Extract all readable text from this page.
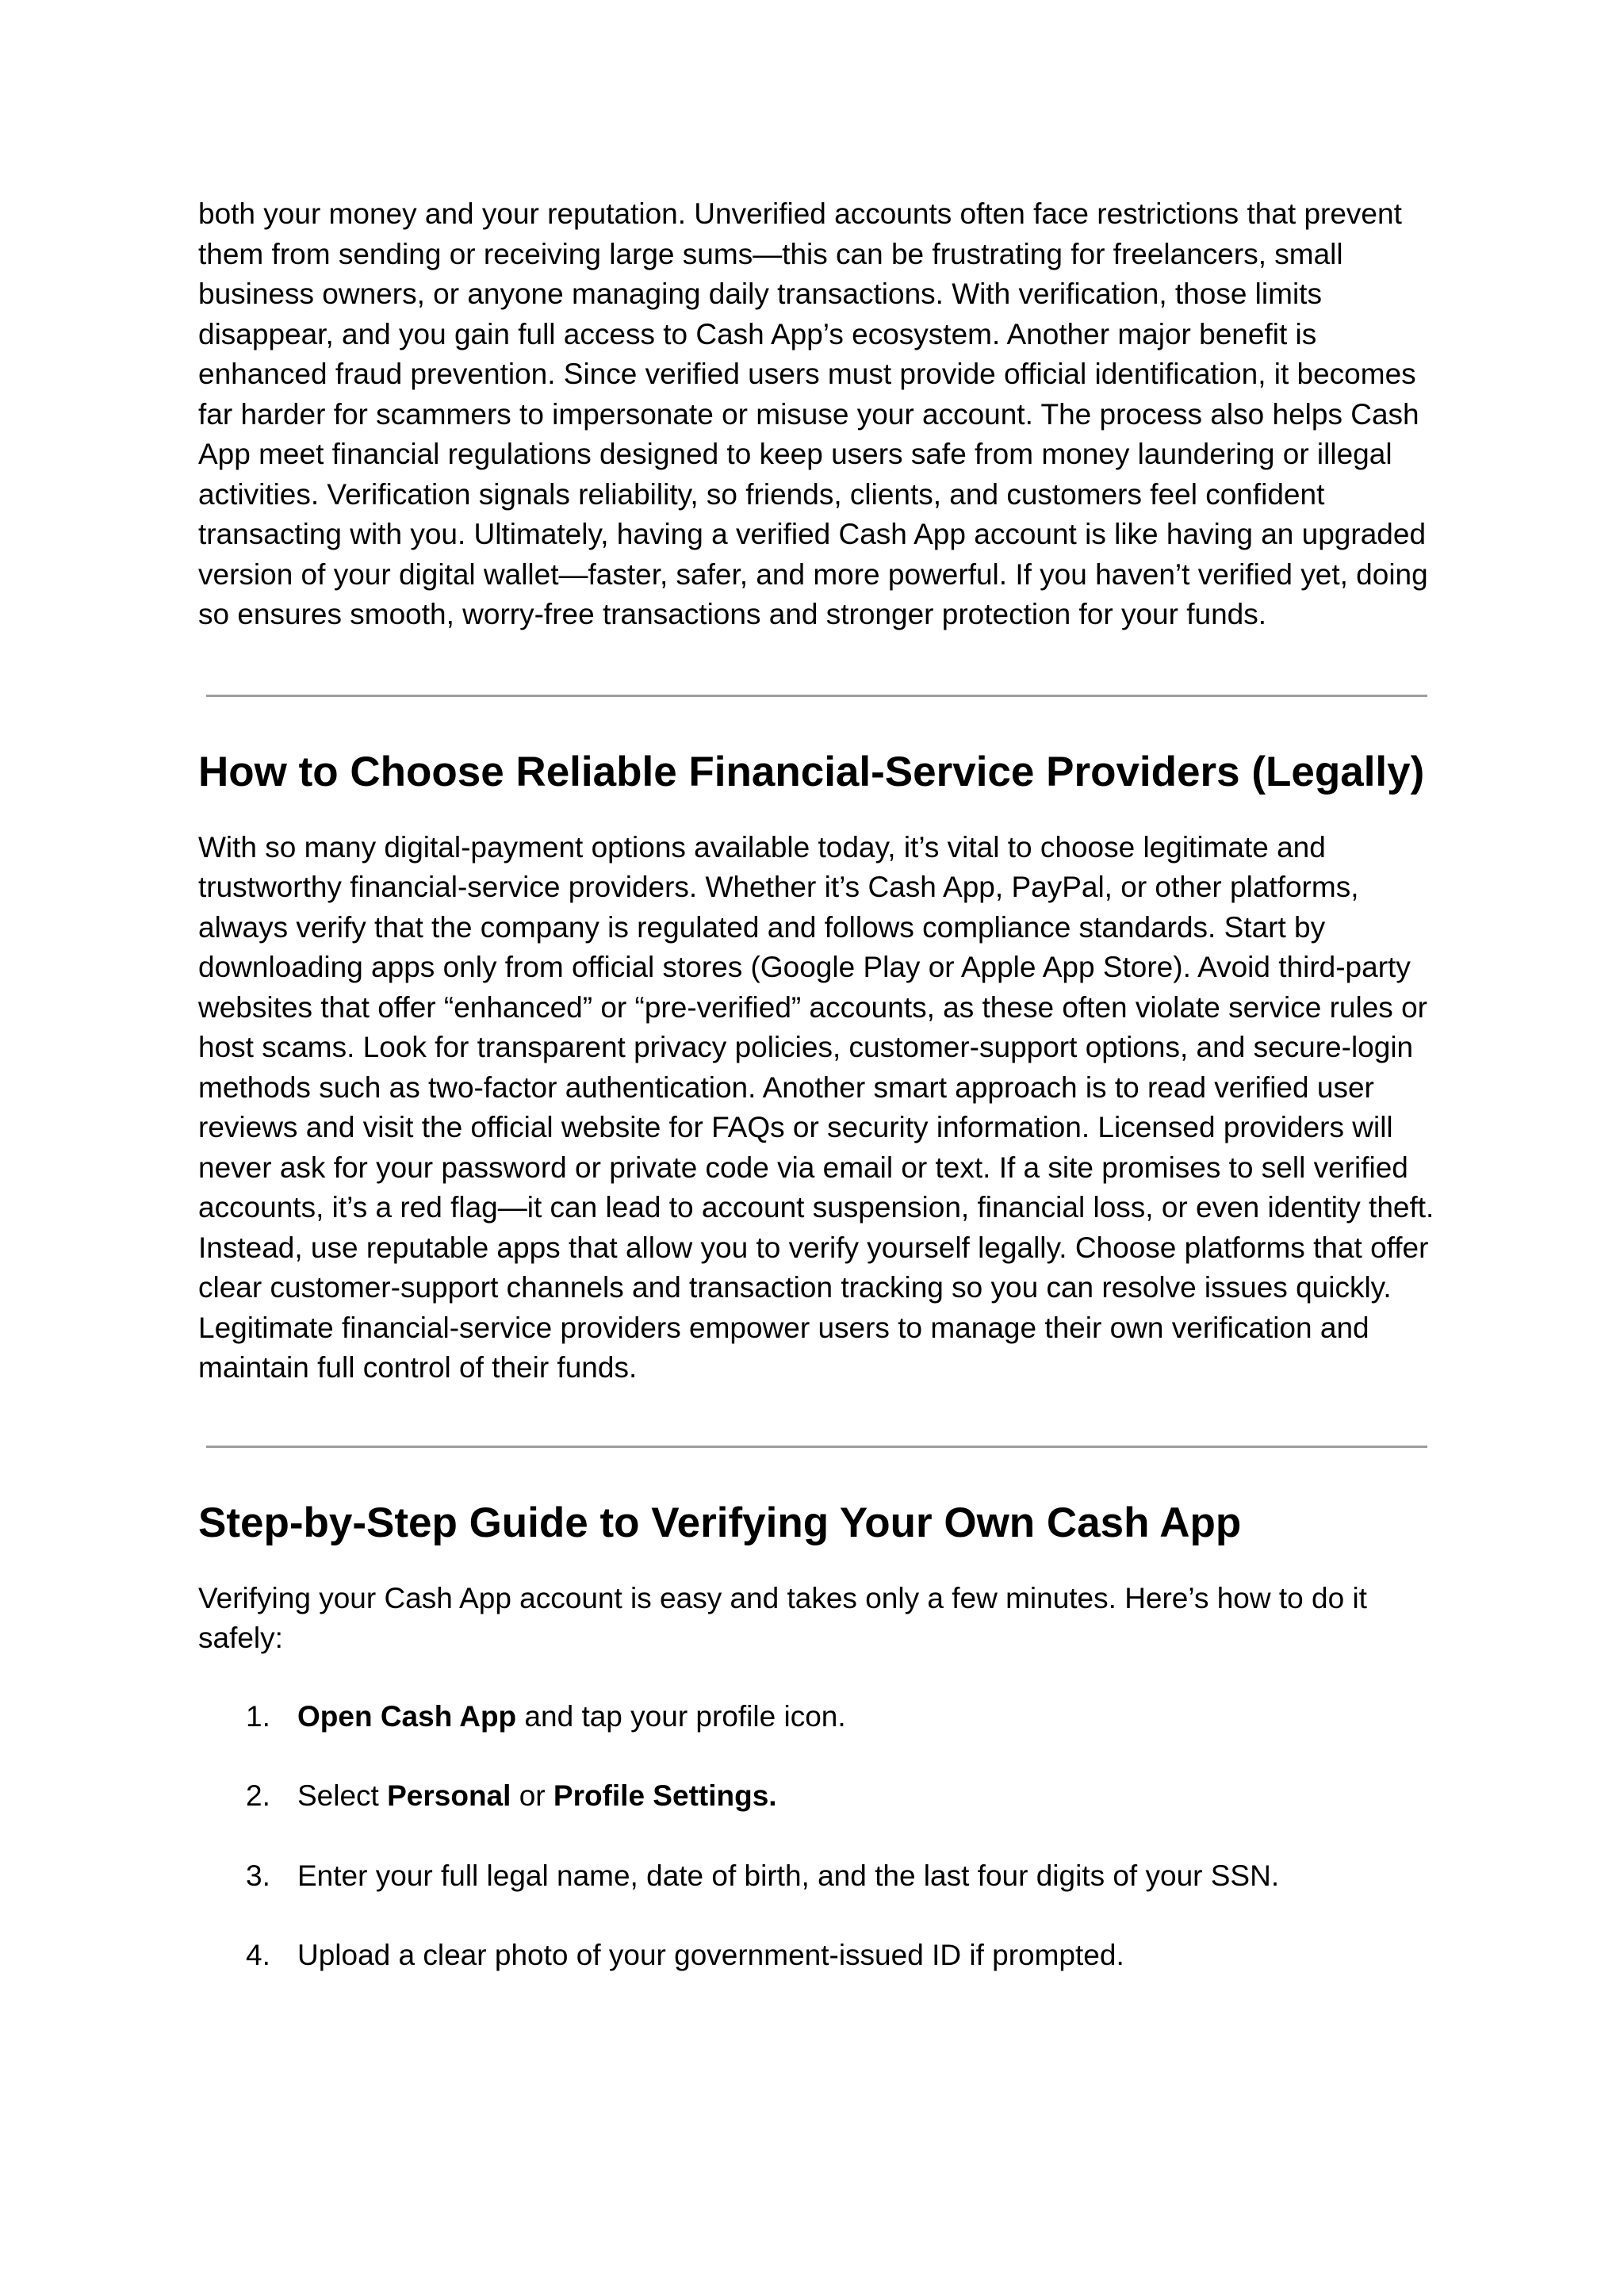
both your money and your reputation. Unverified accounts often face restrictions that prevent them from sending or receiving large sums—this can be frustrating for freelancers, small business owners, or anyone managing daily transactions. With verification, those limits disappear, and you gain full access to Cash App’s ecosystem. Another major benefit is enhanced fraud prevention. Since verified users must provide official identification, it becomes far harder for scammers to impersonate or misuse your account. The process also helps Cash App meet financial regulations designed to keep users safe from money laundering or illegal activities. Verification signals reliability, so friends, clients, and customers feel confident transacting with you. Ultimately, having a verified Cash App account is like having an upgraded version of your digital wallet—faster, safer, and more powerful. If you haven’t verified yet, doing so ensures smooth, worry-free transactions and stronger protection for your funds.

How to Choose Reliable Financial-Service Providers (Legally)

With so many digital-payment options available today, it’s vital to choose legitimate and trustworthy financial-service providers. Whether it’s Cash App, PayPal, or other platforms, always verify that the company is regulated and follows compliance standards. Start by downloading apps only from official stores (Google Play or Apple App Store). Avoid third-party websites that offer “enhanced” or “pre-verified” accounts, as these often violate service rules or host scams. Look for transparent privacy policies, customer-support options, and secure-login methods such as two-factor authentication. Another smart approach is to read verified user reviews and visit the official website for FAQs or security information. Licensed providers will never ask for your password or private code via email or text. If a site promises to sell verified accounts, it’s a red flag—it can lead to account suspension, financial loss, or even identity theft. Instead, use reputable apps that allow you to verify yourself legally. Choose platforms that offer clear customer-support channels and transaction tracking so you can resolve issues quickly. Legitimate financial-service providers empower users to manage their own verification and maintain full control of their funds.

Step-by-Step Guide to Verifying Your Own Cash App

Verifying your Cash App account is easy and takes only a few minutes. Here’s how to do it safely:

1. Open Cash App and tap your profile icon.
2. Select Personal or Profile Settings.
3. Enter your full legal name, date of birth, and the last four digits of your SSN.
4. Upload a clear photo of your government-issued ID if prompted.
